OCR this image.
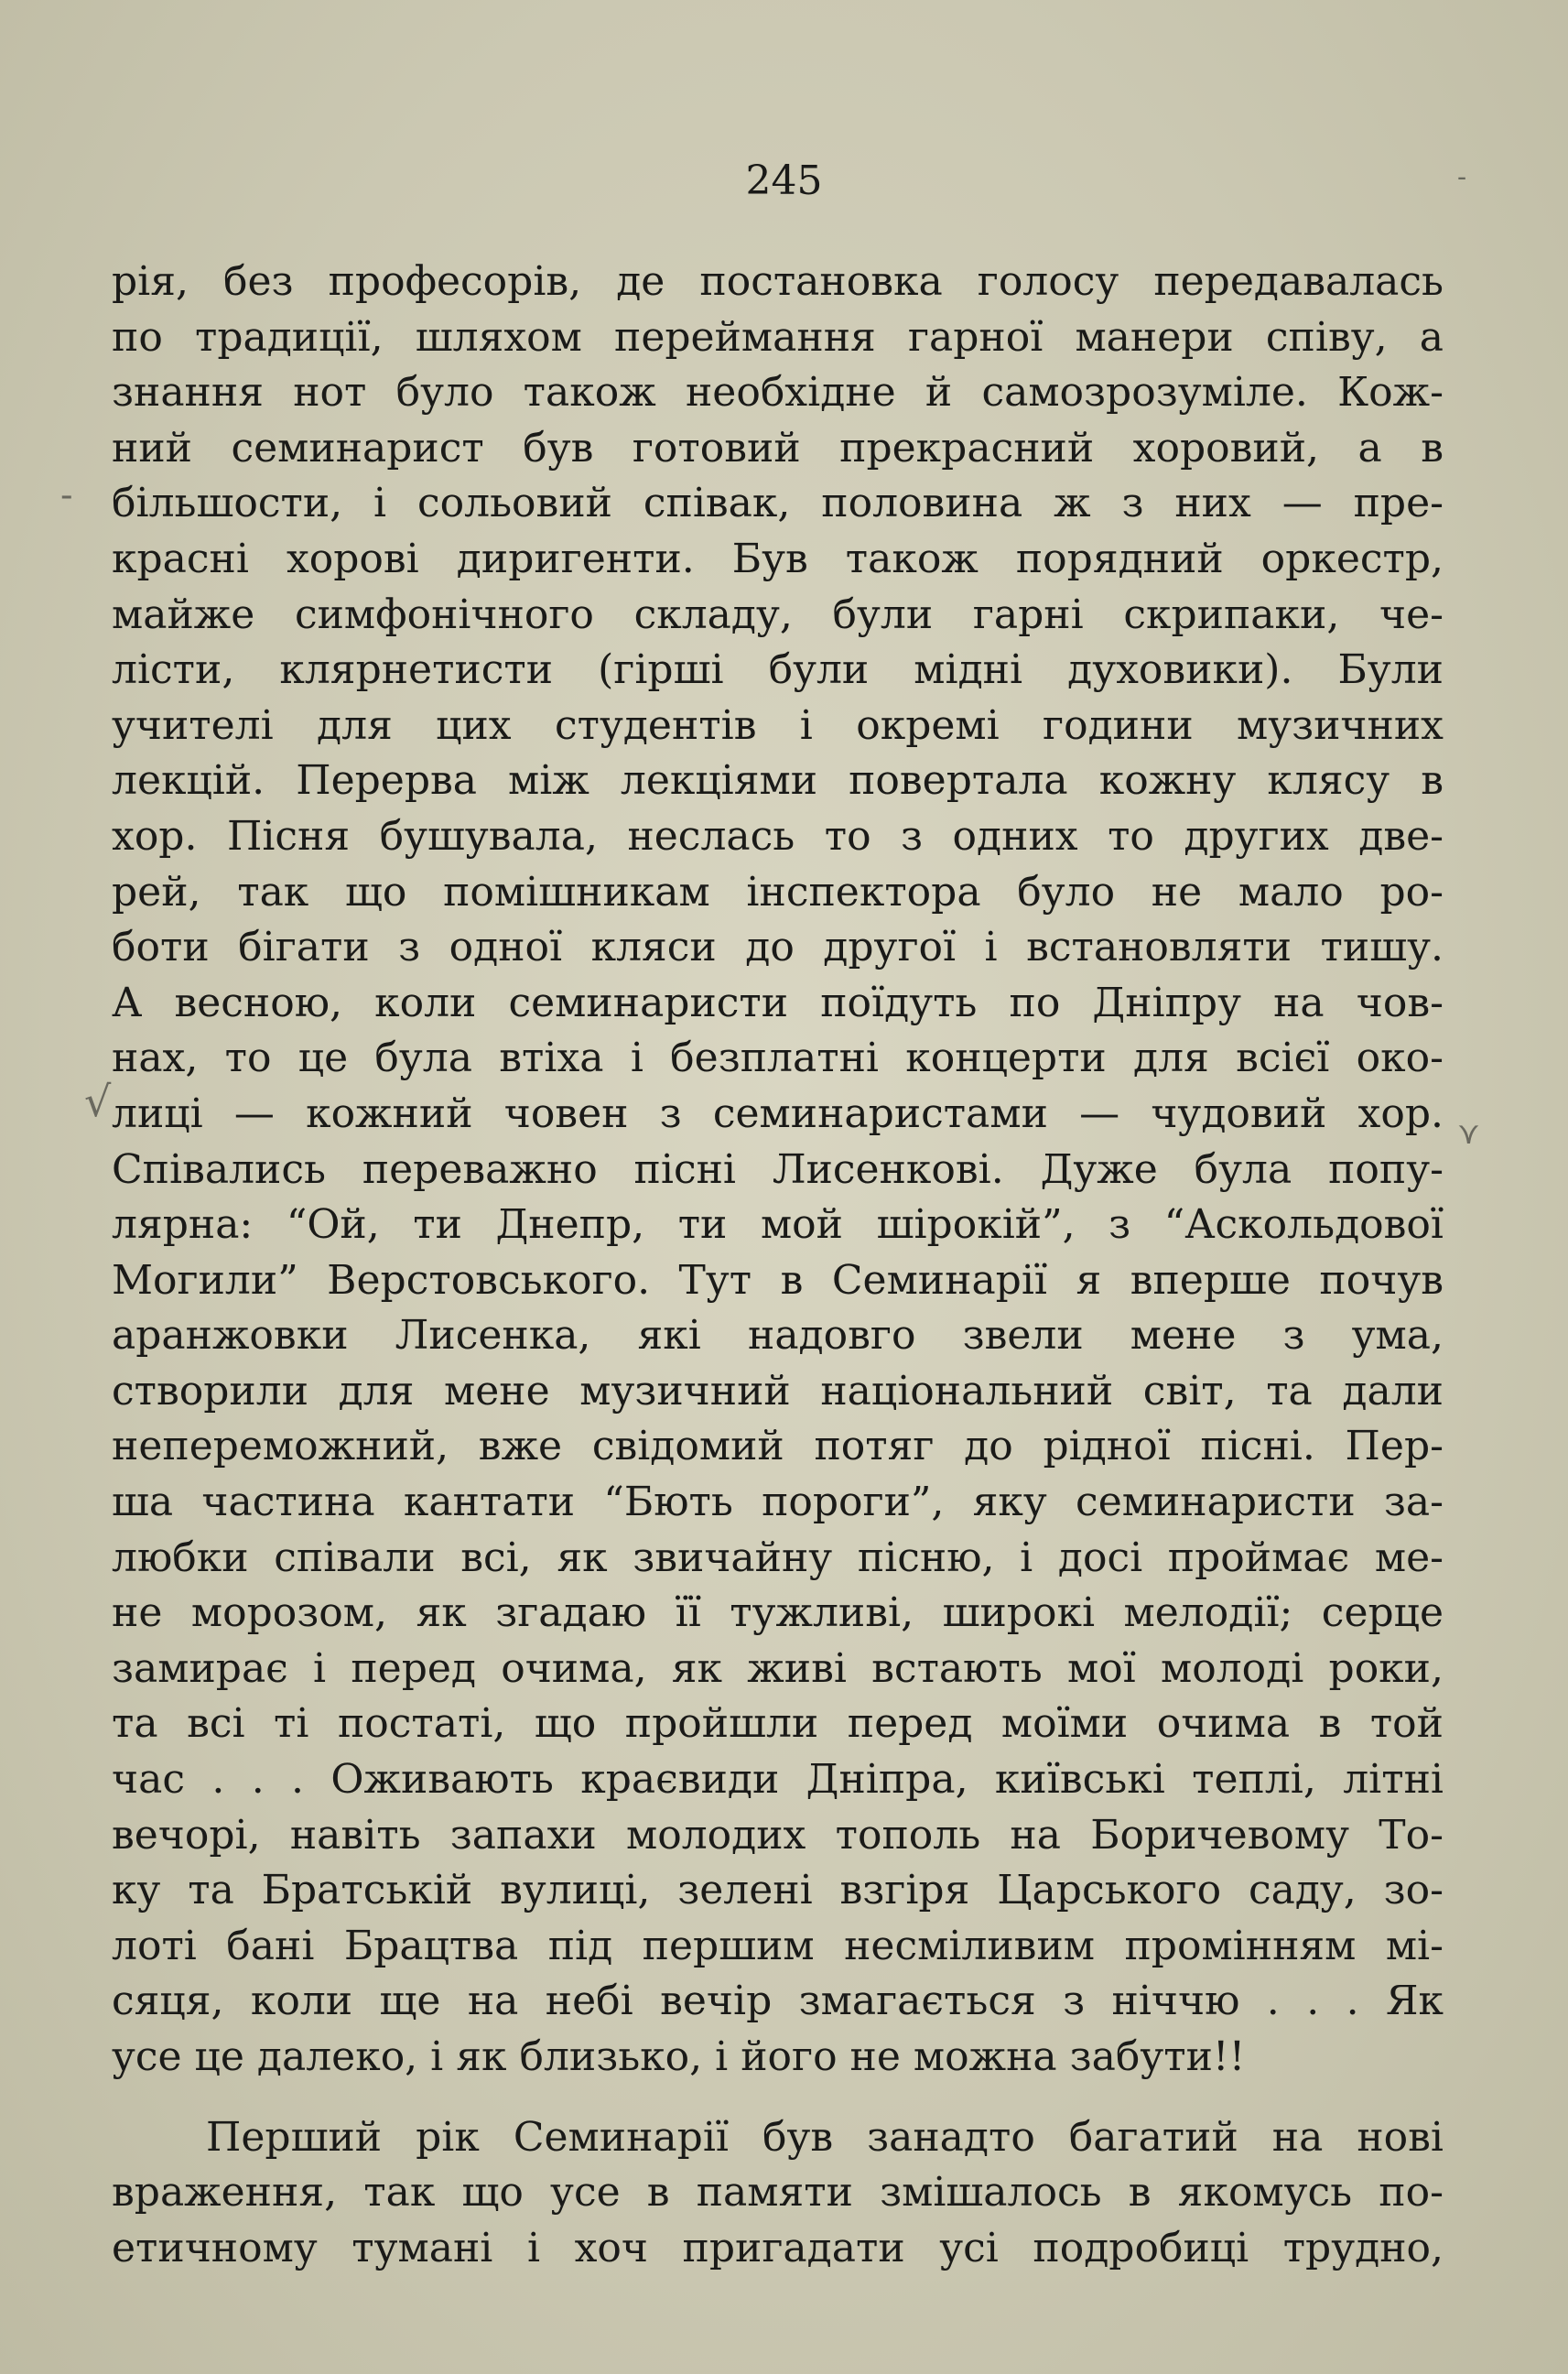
245
рія, без професорів, де постановка голосу передавалась
по традиції, шляхом переймання гарної манери співу, а
знання нот було також необхідне й самозрозуміле. Кож-
ний семинарист був готовий прекрасний хоровий, а в
більшости, і сольовий співак, половина ж з них — пре-
красні хорові диригенти. Був також порядний оркестр,
майже симфонічного складу, були гарні скрипаки, че-
лісти, клярнетисти (гірші були мідні духовики). Були
учителі для цих студентів і окремі години музичних
лекцій. Перерва між лекціями повертала кожну клясу в
хор. Пісня бушувала, неслась то з одних то других две-
рей, так що помішникам інспектора було не мало ро-
боти бігати з одної кляси до другої і встановляти тишу.
А весною, коли семинаристи поїдуть по Дніпру на чов-
нах, то це була втіха і безплатні концерти для всієї око-
лиці — кожний човен з семинаристами — чудовий хор.
Співались переважно пісні Лисенкові. Дуже була попу-
лярна: “Ой, ти Днепр, ти мой шірокій”, з “Аскольдової
Могили” Верстовського. Тут в Семинарії я вперше почув
аранжовки Лисенка, які надовго звели мене з ума,
створили для мене музичний національний світ, та дали
непереможний, вже свідомий потяг до рідної пісні. Пер-
ша частина кантати “Бють пороги”, яку семинаристи за-
любки співали всі, як звичайну пісню, і досі проймає ме-
не морозом, як згадаю її тужливі, широкі мелодії; серце
замирає і перед очима, як живі встають мої молоді роки,
та всі ті постаті, що пройшли перед моїми очима в той
час . . . Оживають краєвиди Дніпра, київські теплі, літні
вечорі, навіть запахи молодих тополь на Боричевому То-
ку та Братській вулиці, зелені взгіря Царського саду, зо-
лоті бані Брацтва під першим несміливим промінням мі-
сяця, коли ще на небі вечір змагається з ніччю . . . Як
усе це далеко, і як близько, і його не можна забути!!
Перший рік Семинарії був занадто багатий на нові
враження, так що усе в памяти змішалось в якомусь по-
етичному тумані і хоч пригадати усі подробиці трудно,
-
√
⋎
-
